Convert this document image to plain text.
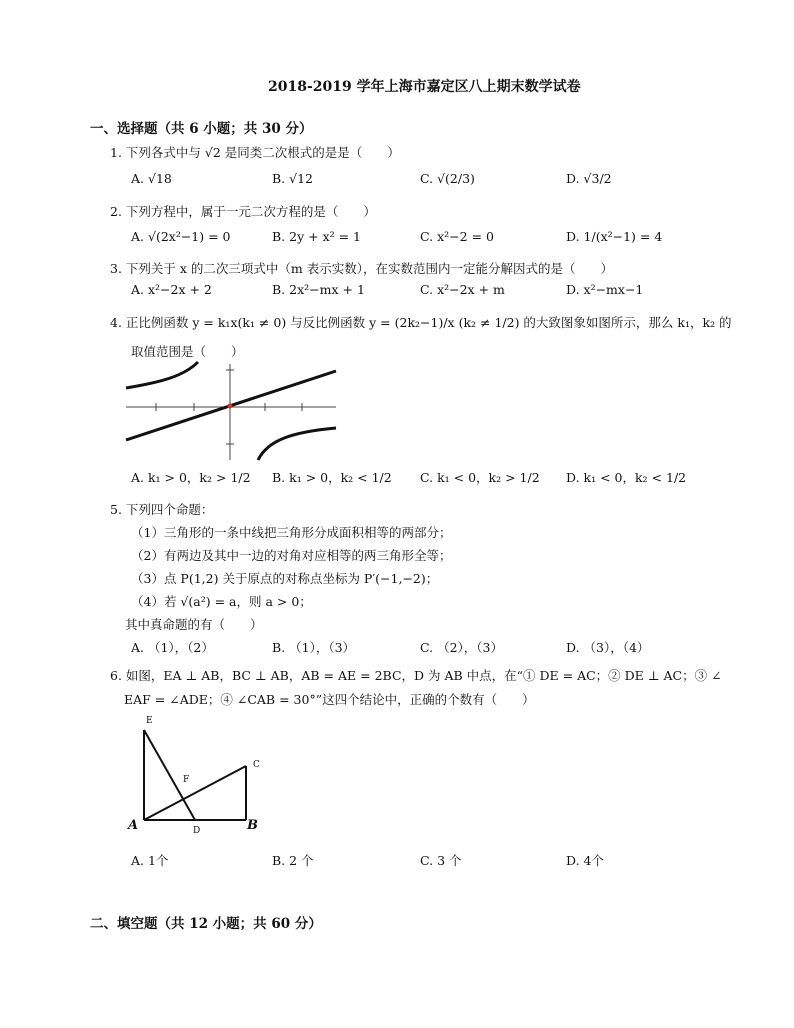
2018-2019 学年上海市嘉定区八上期末数学试卷
一、选择题（共 6 小题；共 30 分）
1. 下列各式中与 √2 是同类二次根式的是是（　　）
A. √18	B. √12	C. √(2/3)	D. √3/2
2. 下列方程中，属于一元二次方程的是（　　）
A. √(2x²−1) = 0	B. 2y + x² = 1	C. x²−2 = 0	D. 1/(x²−1) = 4
3. 下列关于 x 的二次三项式中（m 表示实数），在实数范围内一定能分解因式的是（　　）
A. x²−2x + 2	B. 2x²−mx + 1	C. x²−2x + m	D. x²−mx−1
4. 正比例函数 y = k₁x(k₁ ≠ 0) 与反比例函数 y = (2k₂−1)/x (k₂ ≠ 1/2) 的大致图象如图所示，那么 k₁，k₂ 的
取值范围是（　　）
A. k₁ > 0，k₂ > 1/2 B. k₁ > 0，k₂ < 1/2 C. k₁ < 0，k₂ > 1/2 D. k₁ < 0，k₂ < 1/2
5. 下列四个命题：
（1）三角形的一条中线把三角形分成面积相等的两部分；
（2）有两边及其中一边的对角对应相等的两三角形全等；
（3）点 P(1,2) 关于原点的对称点坐标为 P′(−1,−2)；
（4）若 √(a²) = a，则 a > 0；
其中真命题的有（　　）
A. （1），（2）	B. （1），（3）	C. （2），（3）	D. （3），（4）
6. 如图，EA ⊥ AB，BC ⊥ AB，AB = AE = 2BC，D 为 AB 中点，在“① DE = AC；② DE ⊥ AC；③ ∠
EAF = ∠ADE；④ ∠CAB = 30°”这四个结论中，正确的个数有（　　）
E
F
C
A	D	B
A. 1个	B. 2 个	C. 3 个	D. 4个
二、填空题（共 12 小题；共 60 分）
